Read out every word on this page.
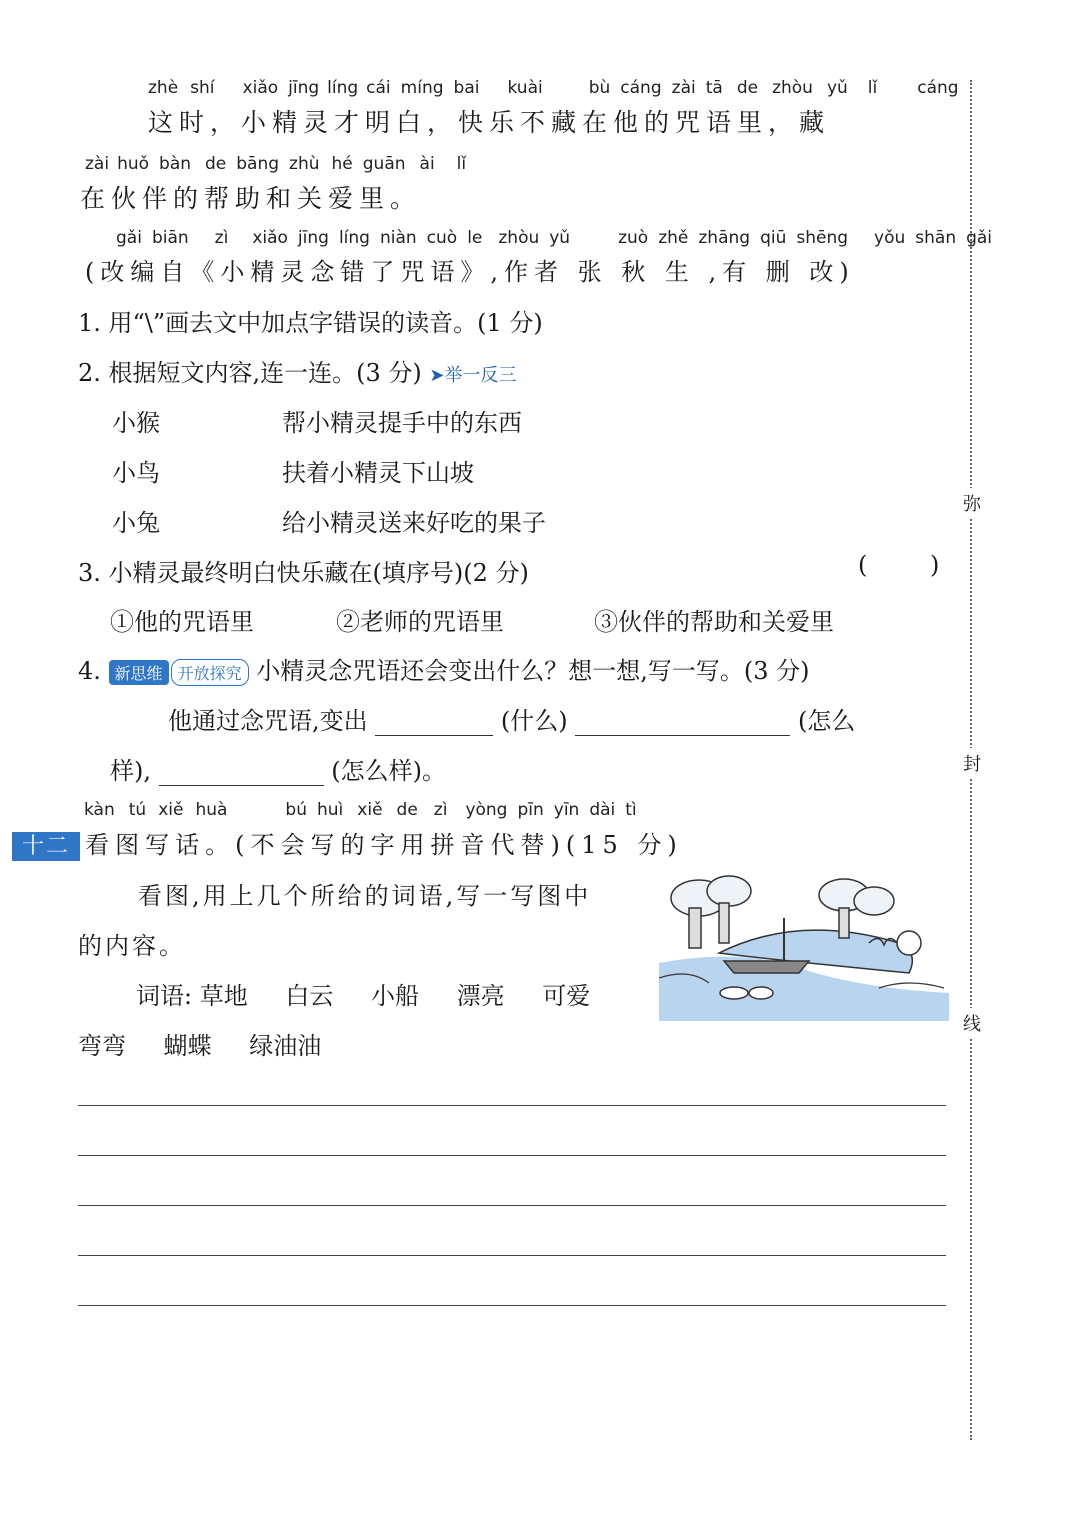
zhè shí xiǎo jīng líng cái míng bai kuài	bù cáng zài tā de zhòu yǔ lǐ cáng
这时，小精灵才明白，快乐不藏在他的咒语里，藏
zài huǒ bàn de bāng zhù hé guān ài lǐ
在伙伴的帮助和关爱里。
gǎi biān zì xiǎo jīng líng niàn cuò le zhòu yǔ	zuò zhě zhāng qiū shēng yǒu shān gǎi
(改编自《小精灵念错了咒语》,作者 张 秋 生 ,有 删 改)
1. 用“\”画去文中加点字错误的读音。(1 分)
2. 根据短文内容,连一连。(3 分) ➤举一反三
小猴	帮小精灵提手中的东西
小鸟	扶着小精灵下山坡
小兔	给小精灵送来好吃的果子
3. 小精灵最终明白快乐藏在(填序号)(2 分)	(	)
①他的咒语里	②老师的咒语里	③伙伴的帮助和关爱里
4. 新思维 开放探究 小精灵念咒语还会变出什么？想一想,写一写。(3 分)
他通过念咒语,变出	(什么)	(怎么
样),	(怎么样)。
kàn tú xiě huà	bú huì xiě de zì yòng pīn yīn dài tì
十二 看图写话。(不会写的字用拼音代替)(15 分)
看图,用上几个所给的词语,写一写图中
的内容。
词语: 草地 白云 小船 漂亮 可爱
弯弯 蝴蝶 绿油油
弥
封
线
